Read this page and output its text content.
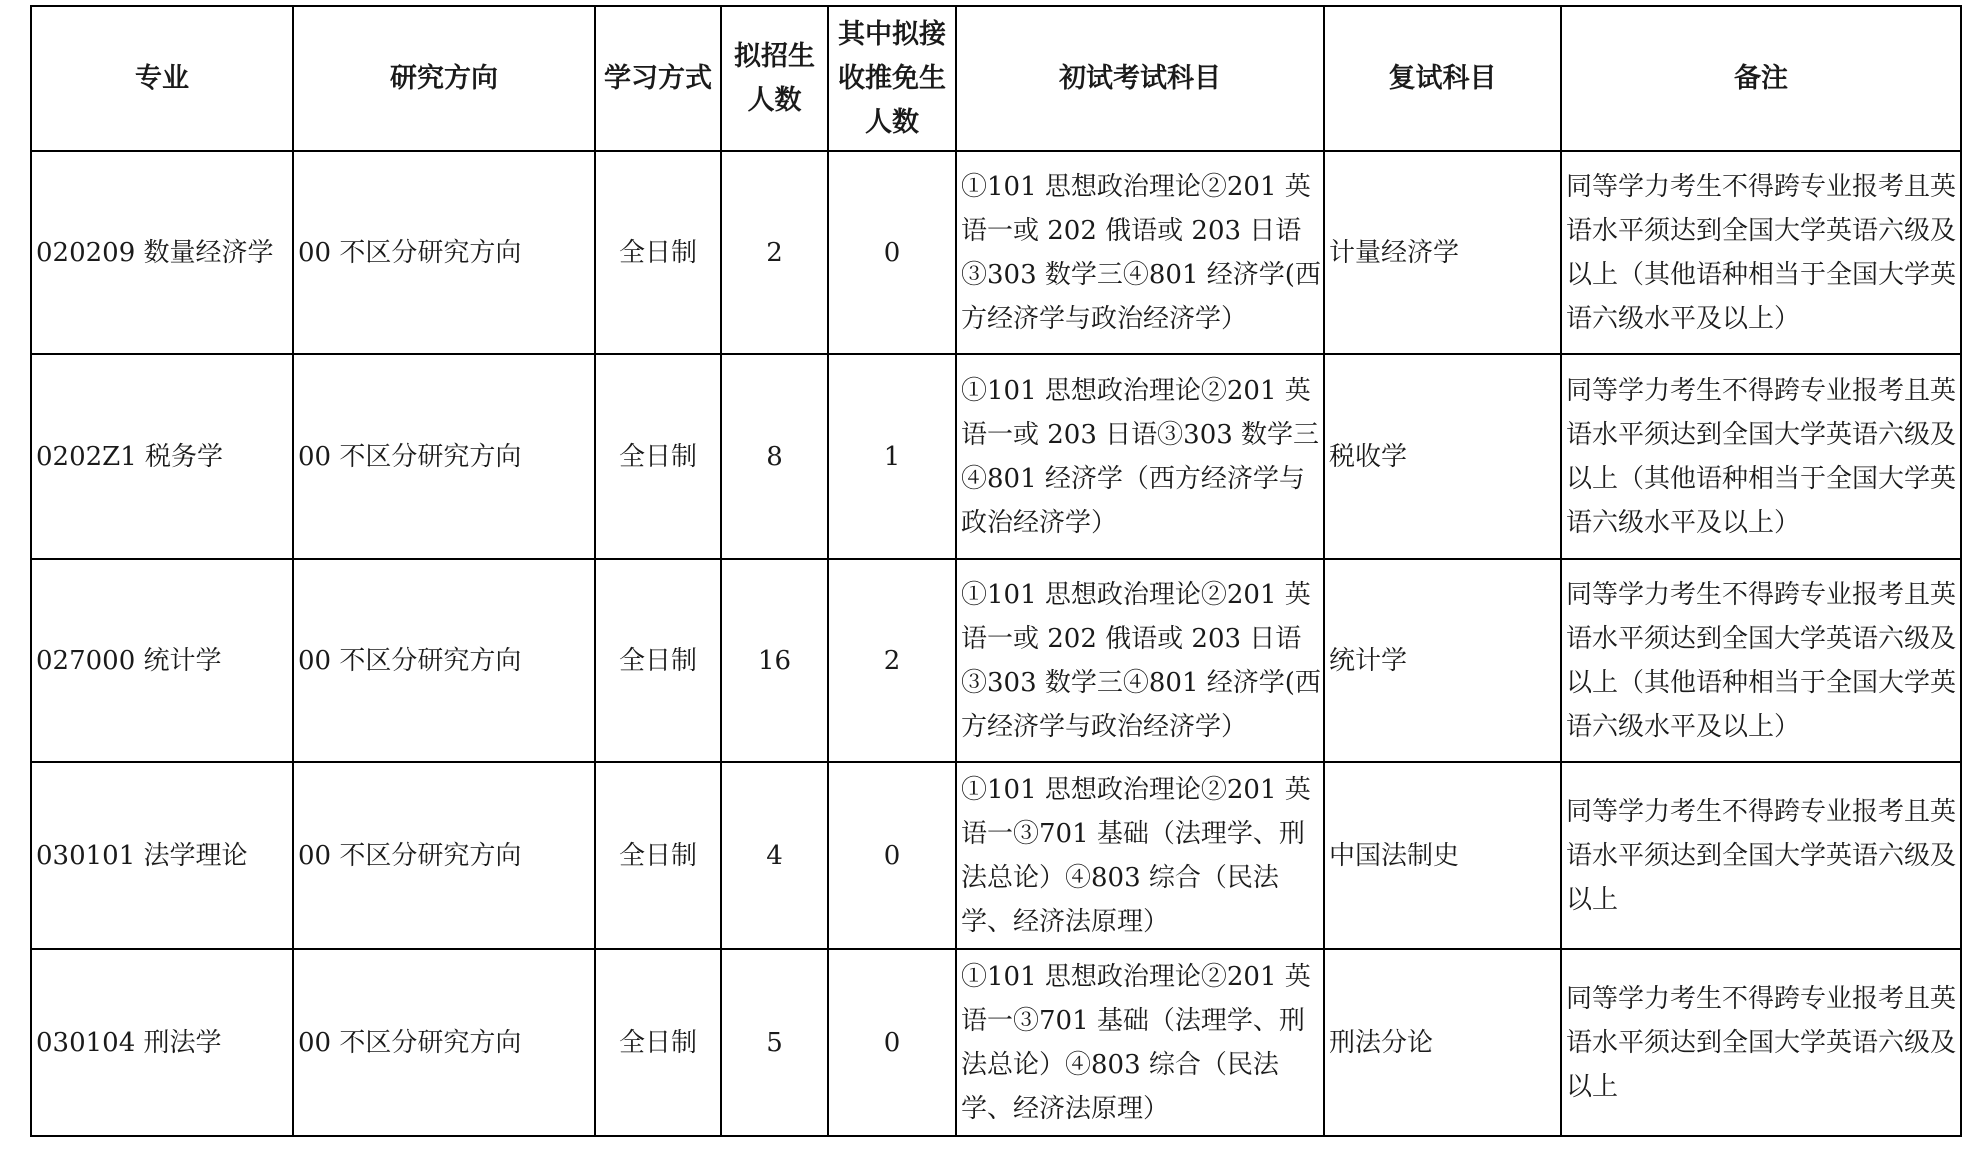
专业	研究方向	学习方式	拟招生人数	其中拟接收推免生人数	初试考试科目	复试科目	备注
020209 数量经济学	00 不区分研究方向	全日制	2	0	①101 思想政治理论②201 英语一或 202 俄语或 203 日语③303 数学三④801 经济学(西方经济学与政治经济学）	计量经济学	同等学力考生不得跨专业报考且英语水平须达到全国大学英语六级及以上（其他语种相当于全国大学英语六级水平及以上）
0202Z1 税务学	00 不区分研究方向	全日制	8	1	①101 思想政治理论②201 英语一或 203 日语③303 数学三④801 经济学（西方经济学与政治经济学）	税收学	同等学力考生不得跨专业报考且英语水平须达到全国大学英语六级及以上（其他语种相当于全国大学英语六级水平及以上）
027000 统计学	00 不区分研究方向	全日制	16	2	①101 思想政治理论②201 英语一或 202 俄语或 203 日语③303 数学三④801 经济学(西方经济学与政治经济学）	统计学	同等学力考生不得跨专业报考且英语水平须达到全国大学英语六级及以上（其他语种相当于全国大学英语六级水平及以上）
030101 法学理论	00 不区分研究方向	全日制	4	0	①101 思想政治理论②201 英语一③701 基础（法理学、刑法总论）④803 综合（民法学、经济法原理）	中国法制史	同等学力考生不得跨专业报考且英语水平须达到全国大学英语六级及以上
030104 刑法学	00 不区分研究方向	全日制	5	0	①101 思想政治理论②201 英语一③701 基础（法理学、刑法总论）④803 综合（民法学、经济法原理）	刑法分论	同等学力考生不得跨专业报考且英语水平须达到全国大学英语六级及以上
